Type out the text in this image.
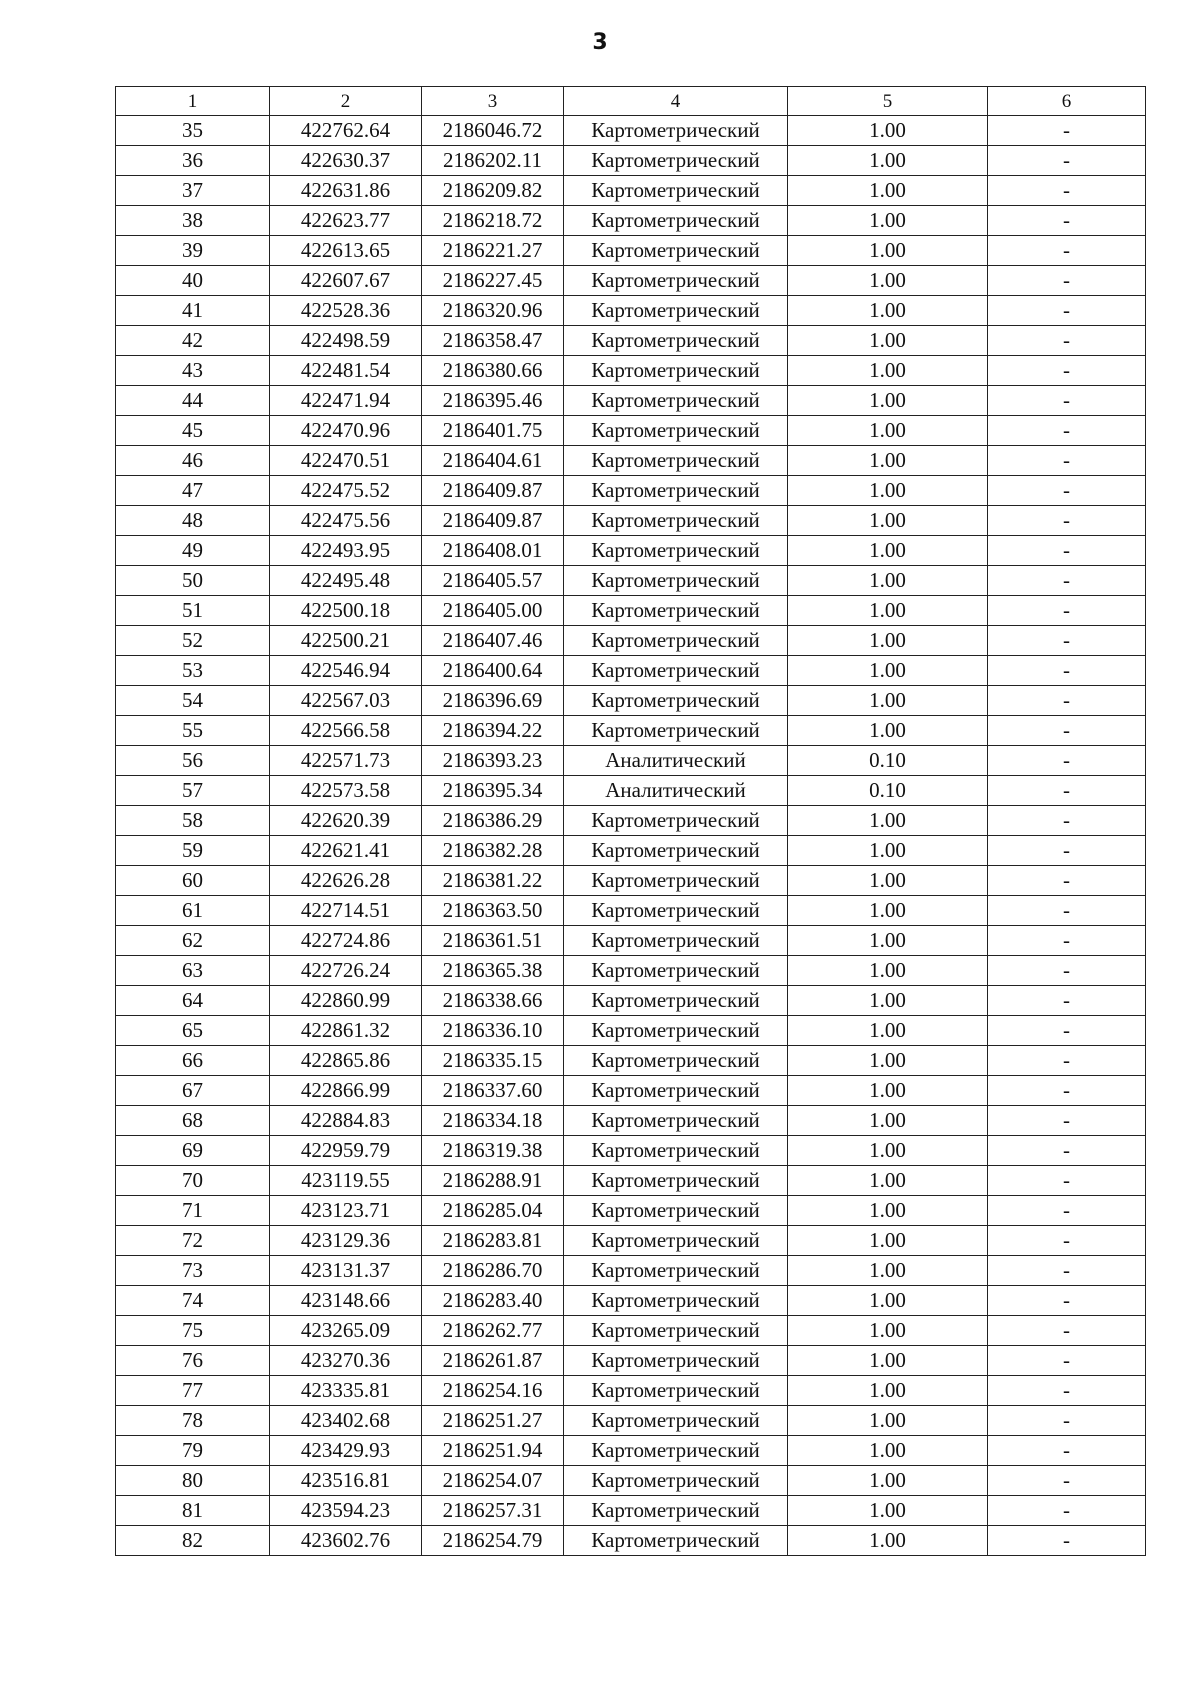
3
1	2	3	4	5	6
35	422762.64	2186046.72	Картометрический	1.00	-
36	422630.37	2186202.11	Картометрический	1.00	-
37	422631.86	2186209.82	Картометрический	1.00	-
38	422623.77	2186218.72	Картометрический	1.00	-
39	422613.65	2186221.27	Картометрический	1.00	-
40	422607.67	2186227.45	Картометрический	1.00	-
41	422528.36	2186320.96	Картометрический	1.00	-
42	422498.59	2186358.47	Картометрический	1.00	-
43	422481.54	2186380.66	Картометрический	1.00	-
44	422471.94	2186395.46	Картометрический	1.00	-
45	422470.96	2186401.75	Картометрический	1.00	-
46	422470.51	2186404.61	Картометрический	1.00	-
47	422475.52	2186409.87	Картометрический	1.00	-
48	422475.56	2186409.87	Картометрический	1.00	-
49	422493.95	2186408.01	Картометрический	1.00	-
50	422495.48	2186405.57	Картометрический	1.00	-
51	422500.18	2186405.00	Картометрический	1.00	-
52	422500.21	2186407.46	Картометрический	1.00	-
53	422546.94	2186400.64	Картометрический	1.00	-
54	422567.03	2186396.69	Картометрический	1.00	-
55	422566.58	2186394.22	Картометрический	1.00	-
56	422571.73	2186393.23	Аналитический	0.10	-
57	422573.58	2186395.34	Аналитический	0.10	-
58	422620.39	2186386.29	Картометрический	1.00	-
59	422621.41	2186382.28	Картометрический	1.00	-
60	422626.28	2186381.22	Картометрический	1.00	-
61	422714.51	2186363.50	Картометрический	1.00	-
62	422724.86	2186361.51	Картометрический	1.00	-
63	422726.24	2186365.38	Картометрический	1.00	-
64	422860.99	2186338.66	Картометрический	1.00	-
65	422861.32	2186336.10	Картометрический	1.00	-
66	422865.86	2186335.15	Картометрический	1.00	-
67	422866.99	2186337.60	Картометрический	1.00	-
68	422884.83	2186334.18	Картометрический	1.00	-
69	422959.79	2186319.38	Картометрический	1.00	-
70	423119.55	2186288.91	Картометрический	1.00	-
71	423123.71	2186285.04	Картометрический	1.00	-
72	423129.36	2186283.81	Картометрический	1.00	-
73	423131.37	2186286.70	Картометрический	1.00	-
74	423148.66	2186283.40	Картометрический	1.00	-
75	423265.09	2186262.77	Картометрический	1.00	-
76	423270.36	2186261.87	Картометрический	1.00	-
77	423335.81	2186254.16	Картометрический	1.00	-
78	423402.68	2186251.27	Картометрический	1.00	-
79	423429.93	2186251.94	Картометрический	1.00	-
80	423516.81	2186254.07	Картометрический	1.00	-
81	423594.23	2186257.31	Картометрический	1.00	-
82	423602.76	2186254.79	Картометрический	1.00	-
